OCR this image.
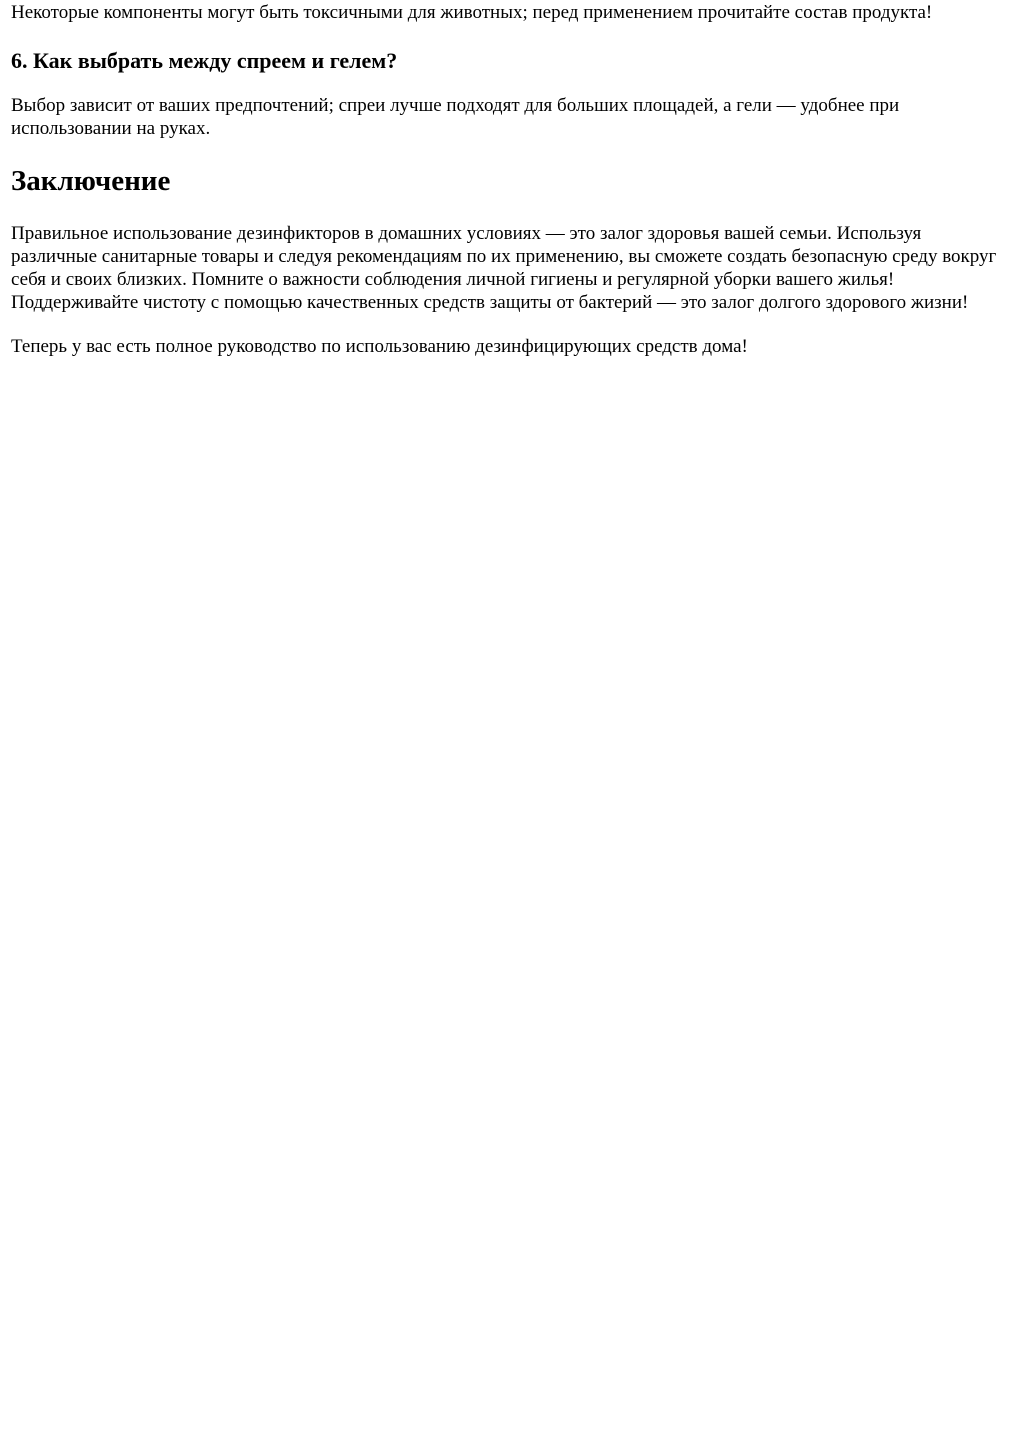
Некоторые компоненты могут быть токсичными для животных; перед применением прочитайте состав продукта!

6. Как выбрать между спреем и гелем?

Выбор зависит от ваших предпочтений; спреи лучше подходят для больших площадей, а гели — удобнее при использовании на руках.

Заключение

Правильное использование дезинфикторов в домашних условиях — это залог здоровья вашей семьи. Используя различные санитарные товары и следуя рекомендациям по их применению, вы сможете создать безопасную среду вокруг себя и своих близких. Помните о важности соблюдения личной гигиены и регулярной уборки вашего жилья! Поддерживайте чистоту с помощью качественных средств защиты от бактерий — это залог долгого здорового жизни!

Теперь у вас есть полное руководство по использованию дезинфицирующих средств дома!
